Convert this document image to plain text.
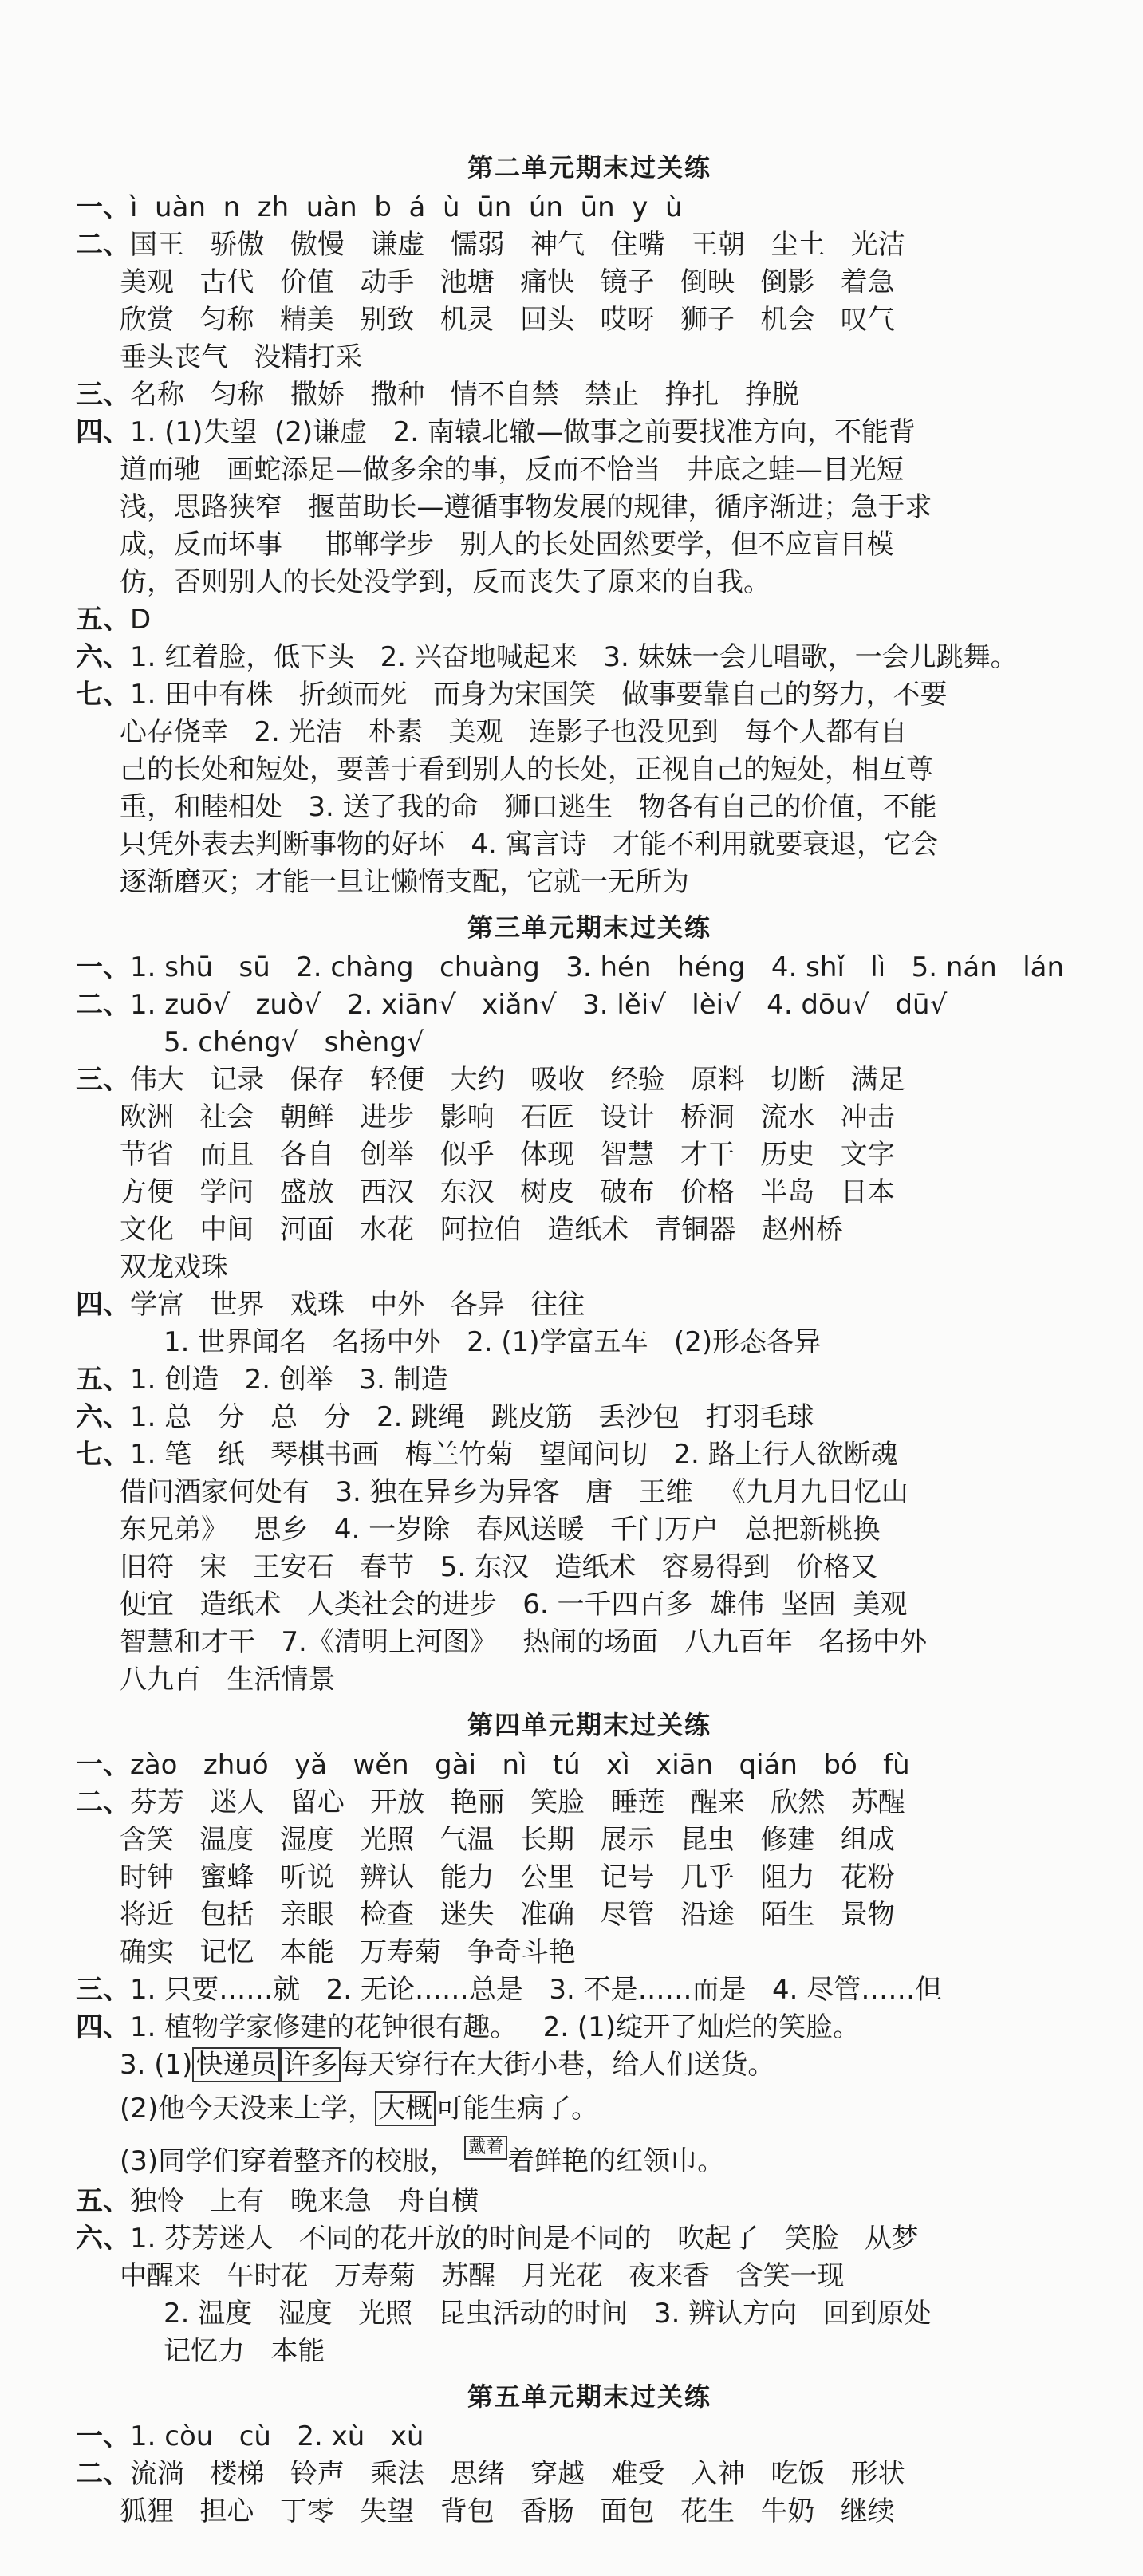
第二单元期末过关练
一、ì  uàn  n  zh  uàn  b  á  ù  ūn  ún  ūn  y  ù
二、国王   骄傲   傲慢   谦虚   懦弱   神气   住嘴   王朝   尘土   光洁
美观   古代   价值   动手   池塘   痛快   镜子   倒映   倒影   着急
欣赏   匀称   精美   别致   机灵   回头   哎呀   狮子   机会   叹气
垂头丧气   没精打采
三、名称   匀称   撒娇   撒种   情不自禁   禁止   挣扎   挣脱
四、1. (1)失望  (2)谦虚   2. 南辕北辙—做事之前要找准方向，不能背
道而驰   画蛇添足—做多余的事，反而不恰当   井底之蛙—目光短
浅，思路狭窄   揠苗助长—遵循事物发展的规律，循序渐进；急于求
成，反而坏事     邯郸学步   别人的长处固然要学，但不应盲目模
仿，否则别人的长处没学到，反而丧失了原来的自我。
五、D
六、1. 红着脸，低下头   2. 兴奋地喊起来   3. 妹妹一会儿唱歌，一会儿跳舞。
七、1. 田中有株   折颈而死   而身为宋国笑   做事要靠自己的努力，不要
心存侥幸   2. 光洁   朴素   美观   连影子也没见到   每个人都有自
己的长处和短处，要善于看到别人的长处，正视自己的短处，相互尊
重，和睦相处   3. 送了我的命   狮口逃生   物各有自己的价值，不能
只凭外表去判断事物的好坏   4. 寓言诗   才能不利用就要衰退，它会
逐渐磨灭；才能一旦让懒惰支配，它就一无所为
第三单元期末过关练
一、1. shū   sū   2. chàng   chuàng   3. hén   héng   4. shǐ   lì   5. nán   lán
二、1. zuō√   zuò√   2. xiān√   xiǎn√   3. lěi√   lèi√   4. dōu√   dū√
5. chéng√   shèng√
三、伟大   记录   保存   轻便   大约   吸收   经验   原料   切断   满足
欧洲   社会   朝鲜   进步   影响   石匠   设计   桥洞   流水   冲击
节省   而且   各自   创举   似乎   体现   智慧   才干   历史   文字
方便   学问   盛放   西汉   东汉   树皮   破布   价格   半岛   日本
文化   中间   河面   水花   阿拉伯   造纸术   青铜器   赵州桥
双龙戏珠
四、学富   世界   戏珠   中外   各异   往往
1. 世界闻名   名扬中外   2. (1)学富五车   (2)形态各异
五、1. 创造   2. 创举   3. 制造
六、1. 总   分   总   分   2. 跳绳   跳皮筋   丢沙包   打羽毛球
七、1. 笔   纸   琴棋书画   梅兰竹菊   望闻问切   2. 路上行人欲断魂
借问酒家何处有   3. 独在异乡为异客   唐   王维   《九月九日忆山
东兄弟》   思乡   4. 一岁除   春风送暖   千门万户   总把新桃换
旧符   宋   王安石   春节   5. 东汉   造纸术   容易得到   价格又
便宜   造纸术   人类社会的进步   6. 一千四百多  雄伟  坚固  美观
智慧和才干   7.《清明上河图》   热闹的场面   八九百年   名扬中外
八九百   生活情景
第四单元期末过关练
一、zào   zhuó   yǎ   wěn   gài   nì   tú   xì   xiān   qián   bó   fù
二、芬芳   迷人   留心   开放   艳丽   笑脸   睡莲   醒来   欣然   苏醒
含笑   温度   湿度   光照   气温   长期   展示   昆虫   修建   组成
时钟   蜜蜂   听说   辨认   能力   公里   记号   几乎   阻力   花粉
将近   包括   亲眼   检查   迷失   准确   尽管   沿途   陌生   景物
确实   记忆   本能   万寿菊   争奇斗艳
三、1. 只要……就   2. 无论……总是   3. 不是……而是   4. 尽管……但
四、1. 植物学家修建的花钟很有趣。   2. (1)绽开了灿烂的笑脸。
3. (1) 快递员 许多 每天穿行在大街小巷，给人们送货。
(2)他今天没来上学， 大概 可能生病了。
(3)同学们穿着整齐的校服， 戴着 着鲜艳的红领巾。
五、独怜   上有   晚来急   舟自横
六、1. 芬芳迷人   不同的花开放的时间是不同的   吹起了   笑脸   从梦
中醒来   午时花   万寿菊   苏醒   月光花   夜来香   含笑一现
2. 温度   湿度   光照   昆虫活动的时间   3. 辨认方向   回到原处
记忆力   本能
第五单元期末过关练
一、1. còu   cù   2. xù   xù
二、流淌   楼梯   铃声   乘法   思绪   穿越   难受   入神   吃饭   形状
狐狸   担心   丁零   失望   背包   香肠   面包   花生   牛奶   继续
